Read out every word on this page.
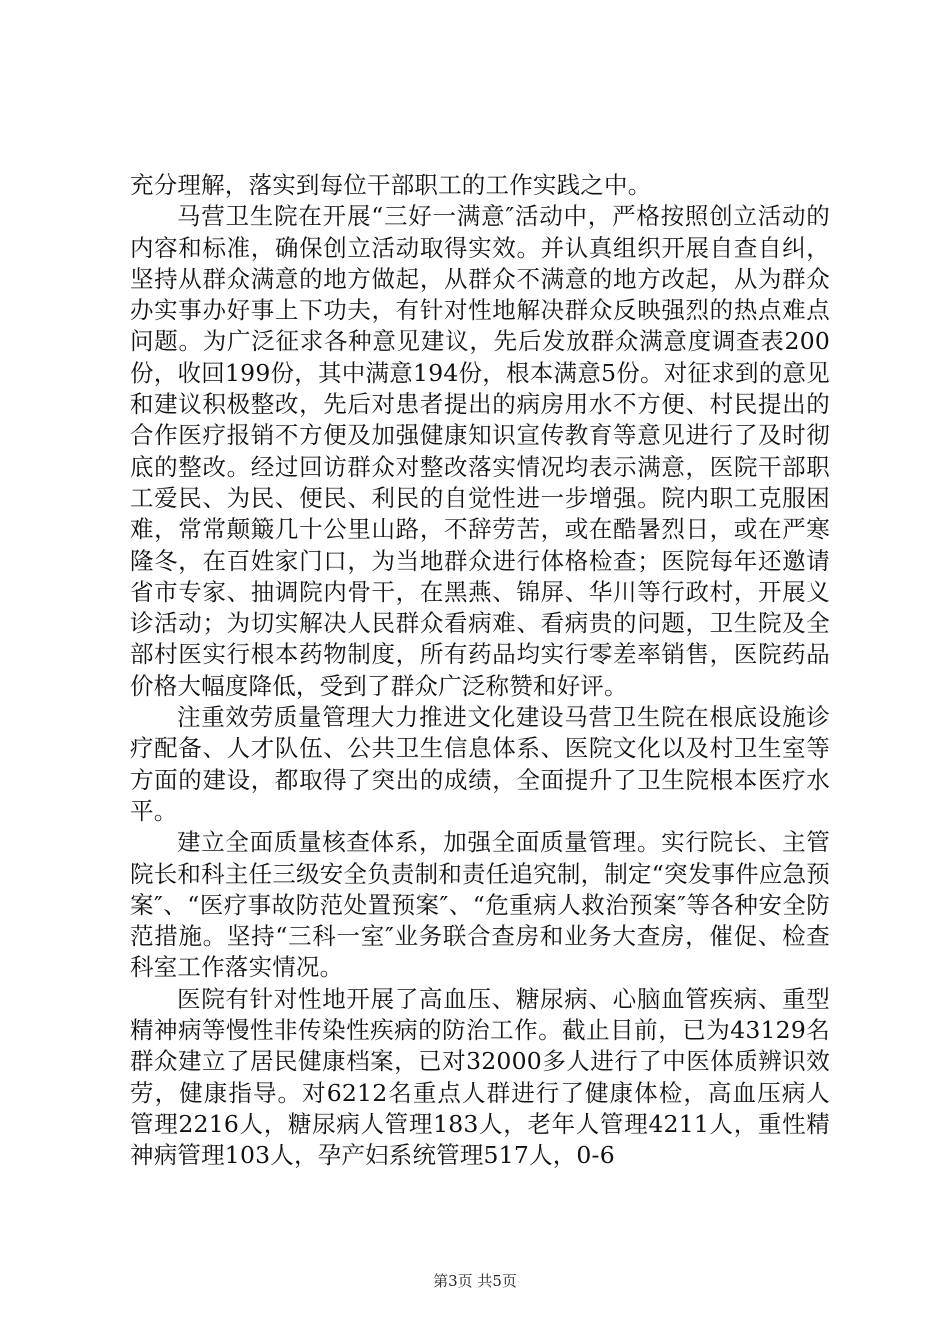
充分理解，落实到每位干部职工的工作实践之中。

马营卫生院在开展“三好一满意″活动中，严格按照创立活动的内容和标准，确保创立活动取得实效。并认真组织开展自查自纠，坚持从群众满意的地方做起，从群众不满意的地方改起，从为群众办实事办好事上下功夫，有针对性地解决群众反映强烈的热点难点问题。为广泛征求各种意见建议，先后发放群众满意度调查表200份，收回199份，其中满意194份，根本满意5份。对征求到的意见和建议积极整改，先后对患者提出的病房用水不方便、村民提出的合作医疗报销不方便及加强健康知识宣传教育等意见进行了及时彻底的整改。经过回访群众对整改落实情况均表示满意，医院干部职工爱民、为民、便民、利民的自觉性进一步增强。院内职工克服困难，常常颠簸几十公里山路，不辞劳苦，或在酷暑烈日，或在严寒隆冬，在百姓家门口，为当地群众进行体格检查；医院每年还邀请省市专家、抽调院内骨干，在黑燕、锦屏、华川等行政村，开展义诊活动；为切实解决人民群众看病难、看病贵的问题，卫生院及全部村医实行根本药物制度，所有药品均实行零差率销售，医院药品价格大幅度降低，受到了群众广泛称赞和好评。

注重效劳质量管理大力推进文化建设马营卫生院在根底设施诊疗配备、人才队伍、公共卫生信息体系、医院文化以及村卫生室等方面的建设，都取得了突出的成绩，全面提升了卫生院根本医疗水平。

建立全面质量核查体系，加强全面质量管理。实行院长、主管院长和科主任三级安全负责制和责任追究制，制定“突发事件应急预案″、“医疗事故防范处置预案″、“危重病人救治预案″等各种安全防范措施。坚持“三科一室″业务联合查房和业务大查房，催促、检查科室工作落实情况。

医院有针对性地开展了高血压、糖尿病、心脑血管疾病、重型精神病等慢性非传染性疾病的防治工作。截止目前，已为43129名群众建立了居民健康档案，已对32000多人进行了中医体质辨识效劳，健康指导。对6212名重点人群进行了健康体检，高血压病人管理2216人，糖尿病人管理183人，老年人管理4211人，重性精神病管理103人，孕产妇系统管理517人，0-6

第3页 共5页
